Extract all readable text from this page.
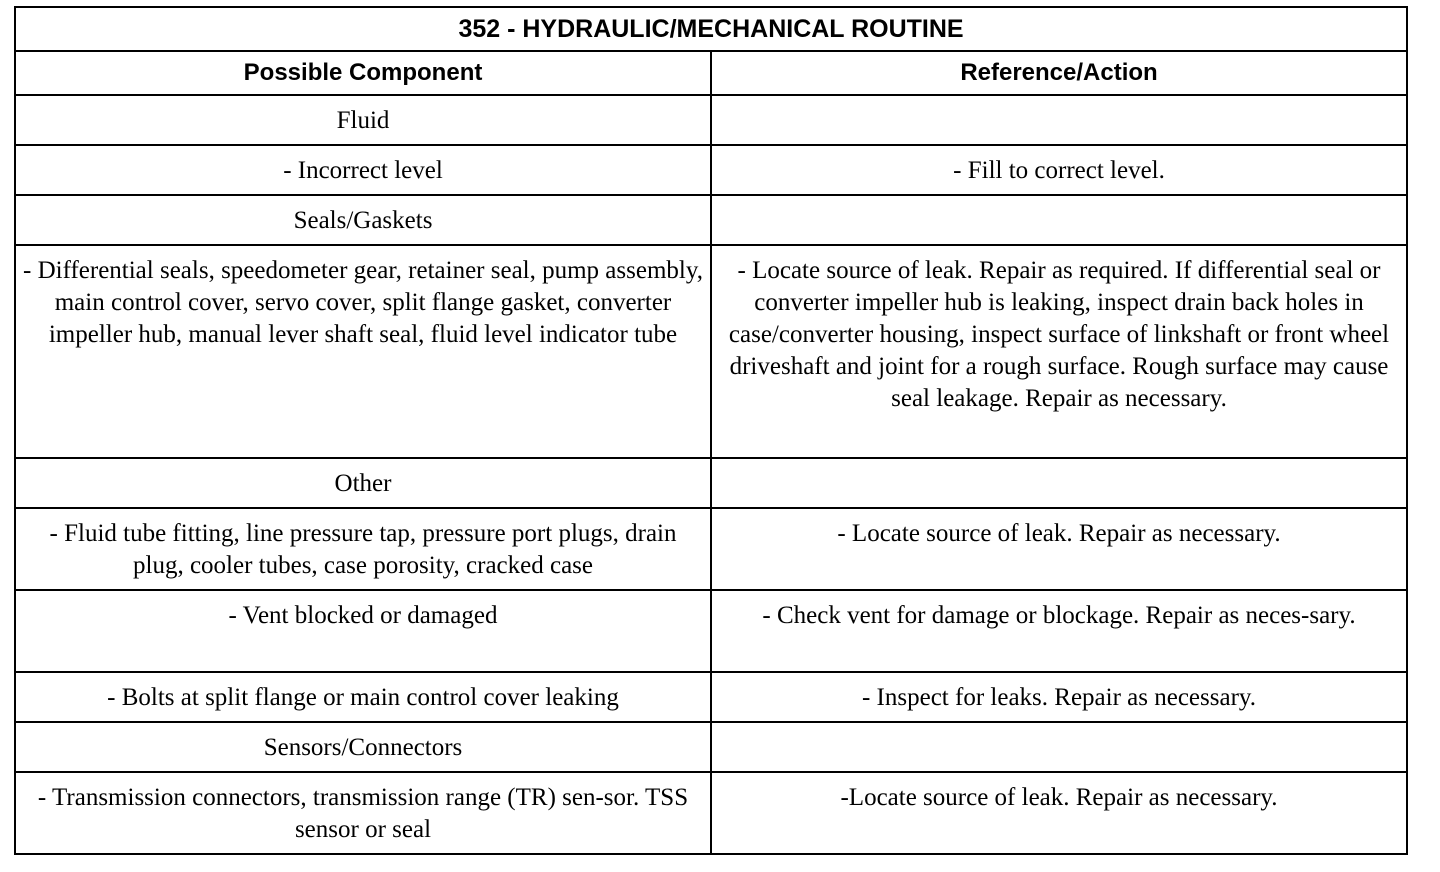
352 - HYDRAULIC/MECHANICAL ROUTINE	
Possible Component	Reference/Action
Fluid	
- Incorrect level	- Fill to correct level.
Seals/Gaskets	
- Differential seals, speedometer gear, retainer seal, pump assembly, main control cover, servo cover, split flange gasket, converter impeller hub, manual lever shaft seal, fluid level indicator tube	- Locate source of leak. Repair as required. If differential seal or converter impeller hub is leaking, inspect drain back holes in case/converter housing, inspect surface of linkshaft or front wheel driveshaft and joint for a rough surface. Rough surface may cause seal leakage. Repair as necessary.
Other	
- Fluid tube fitting, line pressure tap, pressure port plugs, drain plug, cooler tubes, case porosity, cracked case	- Locate source of leak. Repair as necessary.
- Vent blocked or damaged	- Check vent for damage or blockage. Repair as neces-sary.
- Bolts at split flange or main control cover leaking	- Inspect for leaks. Repair as necessary.
Sensors/Connectors	
- Transmission connectors, transmission range (TR) sen-sor. TSS sensor or seal	-Locate source of leak. Repair as necessary.
